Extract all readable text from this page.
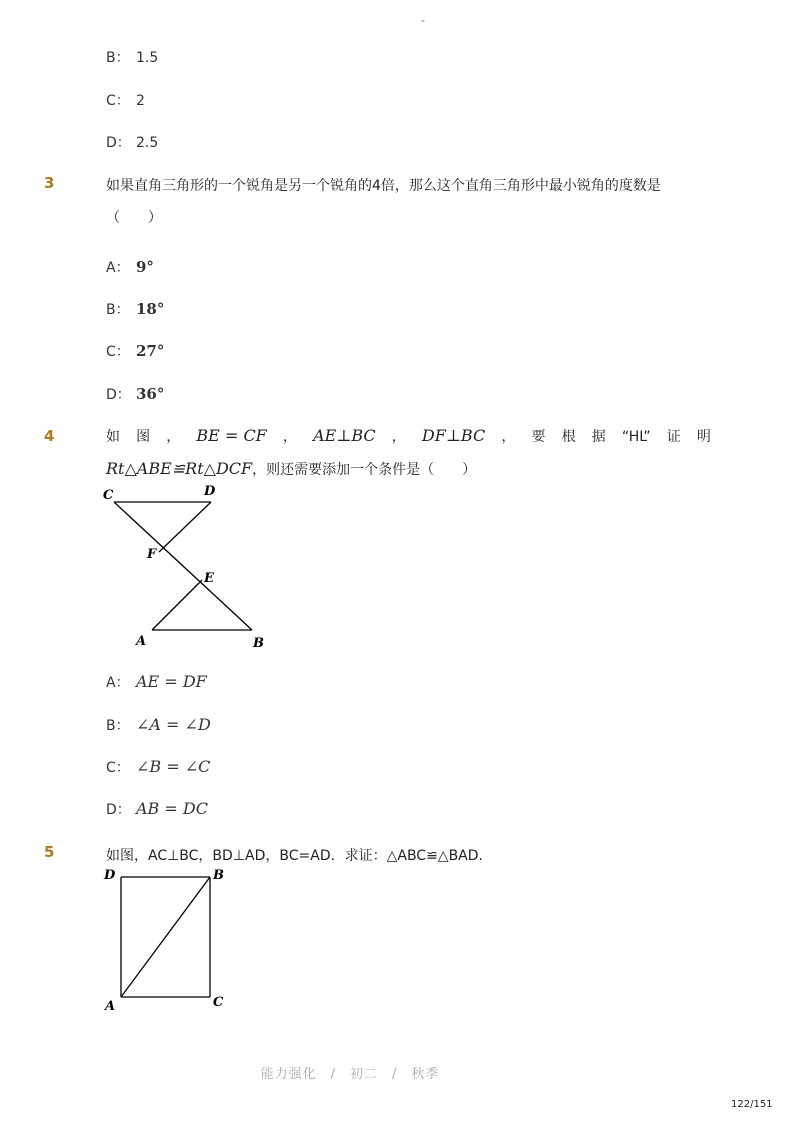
-
B： 1.5
C： 2
D： 2.5
3	如果直角三角形的一个锐角是另一个锐角的4倍，那么这个直角三角形中最小锐角的度数是
（　　）
A： 9°
B： 18°
C： 27°
D： 36°
4	如 图 ， BE = CF ， AE⊥BC ， DF⊥BC ， 要 根 据 “HL” 证 明
Rt△ABE≌Rt△DCF，则还需要添加一个条件是（　　）
C	D
F
E
A	B
A： AE = DF
B： ∠A = ∠D
C： ∠B = ∠C
D： AB = DC
5	如图，AC⊥BC，BD⊥AD，BC=AD．求证：△ABC≌△BAD．
D	B
A	C
能力强化　/　初二　/　秋季
122/151
